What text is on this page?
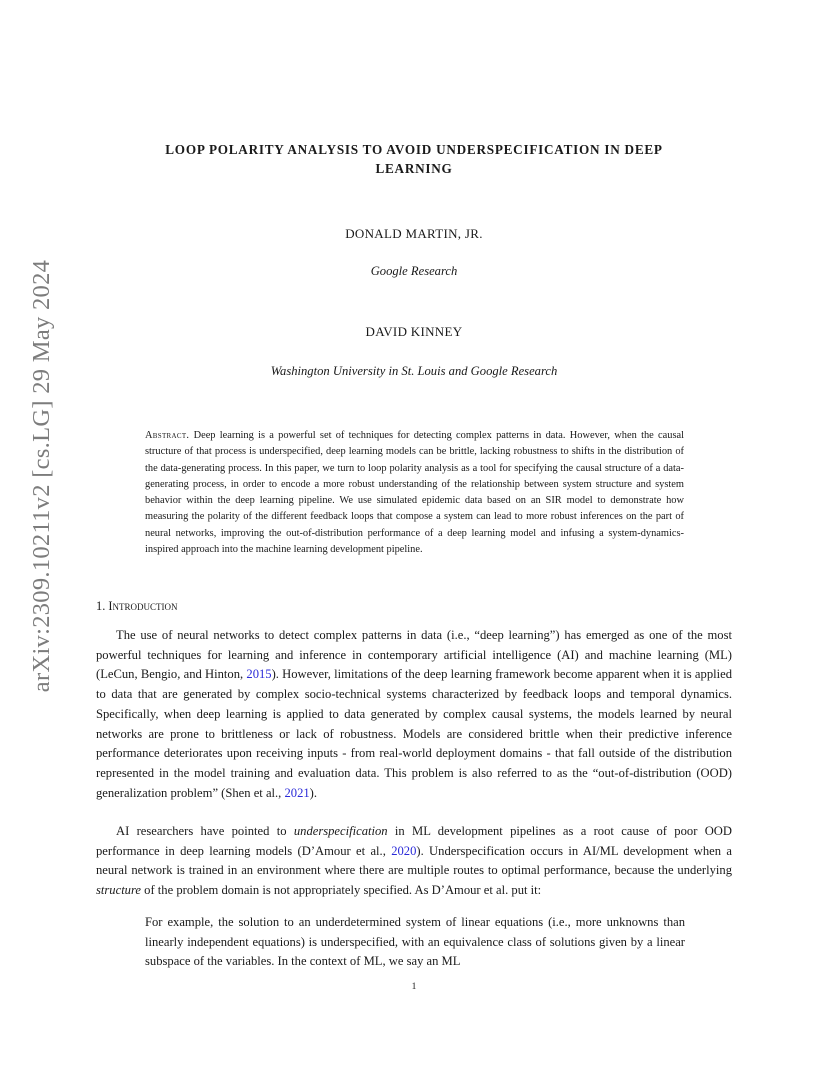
arXiv:2309.10211v2 [cs.LG] 29 May 2024
LOOP POLARITY ANALYSIS TO AVOID UNDERSPECIFICATION IN DEEP
LEARNING
DONALD MARTIN, JR.
Google Research
DAVID KINNEY
Washington University in St. Louis and Google Research

Abstract. Deep learning is a powerful set of techniques for detecting complex patterns in data. However, when the causal structure of that process is underspecified, deep learning models can be brittle, lacking robustness to shifts in the distribution of the data-generating process. In this paper, we turn to loop polarity analysis as a tool for specifying the causal structure of a data-generating process, in order to encode a more robust understanding of the relationship between system structure and system behavior within the deep learning pipeline. We use simulated epidemic data based on an SIR model to demonstrate how measuring the polarity of the different feedback loops that compose a system can lead to more robust inferences on the part of neural networks, improving the out-of-distribution performance of a deep learning model and infusing a system-dynamics-inspired approach into the machine learning development pipeline.

1. Introduction

The use of neural networks to detect complex patterns in data (i.e., “deep learning”) has emerged as one of the most powerful techniques for learning and inference in contemporary artificial intelligence (AI) and machine learning (ML) (LeCun, Bengio, and Hinton, 2015). However, limitations of the deep learning framework become apparent when it is applied to data that are generated by complex socio-technical systems characterized by feedback loops and temporal dynamics. Specifically, when deep learning is applied to data generated by complex causal systems, the models learned by neural networks are prone to brittleness or lack of robustness. Models are considered brittle when their predictive inference performance deteriorates upon receiving inputs - from real-world deployment domains - that fall outside of the distribution represented in the model training and evaluation data. This problem is also referred to as the “out-of-distribution (OOD) generalization problem” (Shen et al., 2021).

AI researchers have pointed to underspecification in ML development pipelines as a root cause of poor OOD performance in deep learning models (D’Amour et al., 2020). Underspecification occurs in AI/ML development when a neural network is trained in an environment where there are multiple routes to optimal performance, because the underlying structure of the problem domain is not appropriately specified. As D’Amour et al. put it:

For example, the solution to an underdetermined system of linear equations (i.e., more unknowns than linearly independent equations) is underspecified, with an equivalence class of solutions given by a linear subspace of the variables. In the context of ML, we say an ML

1
